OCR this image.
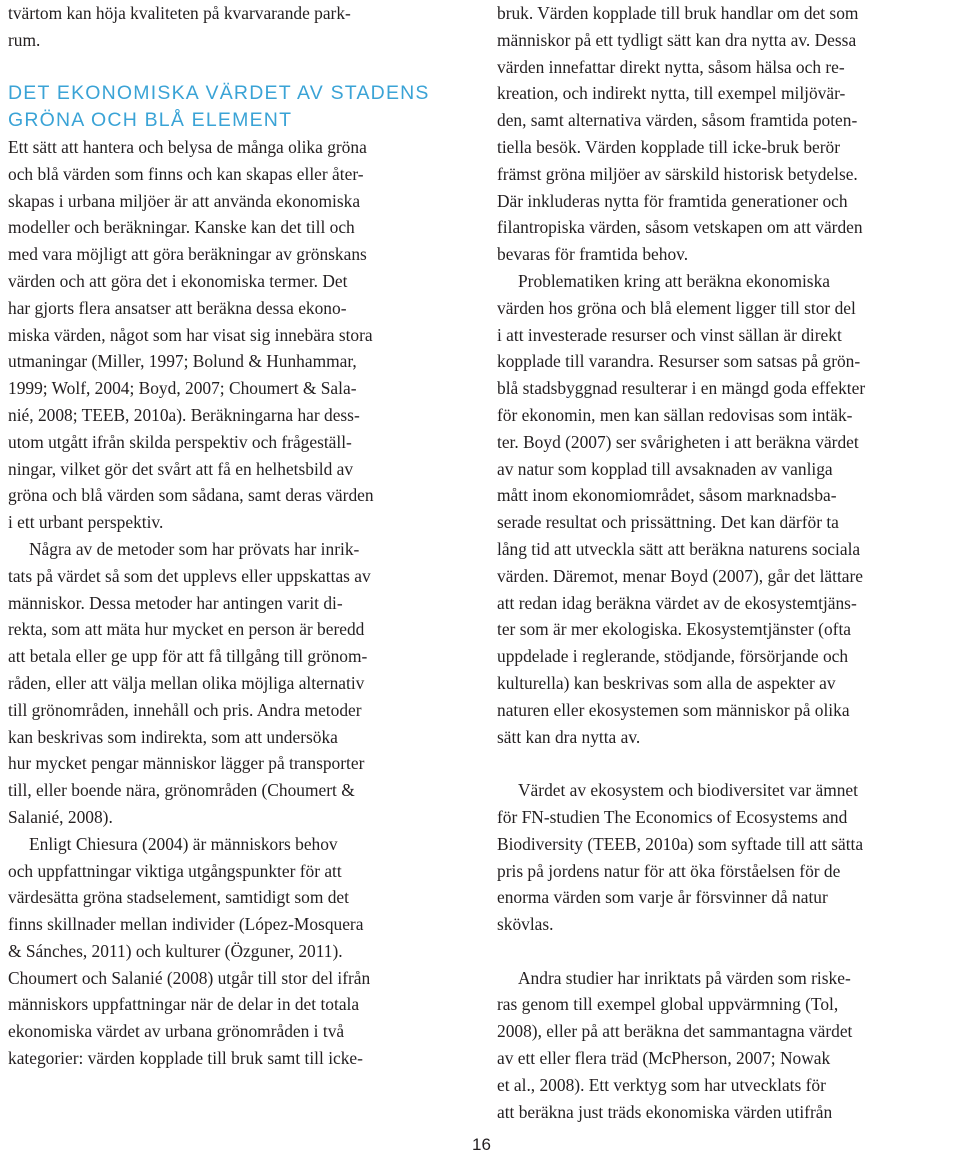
tvärtom kan höja kvaliteten på kvarvarande park-
rum.
DET EKONOMISKA VÄRDET AV STADENS
GRÖNA OCH BLÅ ELEMENT
Ett sätt att hantera och belysa de många olika gröna
och blå värden som finns och kan skapas eller åter-
skapas i urbana miljöer är att använda ekonomiska
modeller och beräkningar. Kanske kan det till och
med vara möjligt att göra beräkningar av grönskans
värden och att göra det i ekonomiska termer. Det
har gjorts flera ansatser att beräkna dessa ekono-
miska värden, något som har visat sig innebära stora
utmaningar (Miller, 1997; Bolund & Hunhammar,
1999; Wolf, 2004; Boyd, 2007; Choumert & Sala-
nié, 2008; TEEB, 2010a). Beräkningarna har dess-
utom utgått ifrån skilda perspektiv och frågeställ-
ningar, vilket gör det svårt att få en helhetsbild av
gröna och blå värden som sådana, samt deras värden
i ett urbant perspektiv.
Några av de metoder som har prövats har inrik-
tats på värdet så som det upplevs eller uppskattas av
människor. Dessa metoder har antingen varit di-
rekta, som att mäta hur mycket en person är beredd
att betala eller ge upp för att få tillgång till grönom-
råden, eller att välja mellan olika möjliga alternativ
till grönområden, innehåll och pris. Andra metoder
kan beskrivas som indirekta, som att undersöka
hur mycket pengar människor lägger på transporter
till, eller boende nära, grönområden (Choumert &
Salanié, 2008).
Enligt Chiesura (2004) är människors behov
och uppfattningar viktiga utgångspunkter för att
värdesätta gröna stadselement, samtidigt som det
finns skillnader mellan individer (López-Mosquera
& Sánches, 2011) och kulturer (Özguner, 2011).
Choumert och Salanié (2008) utgår till stor del ifrån
människors uppfattningar när de delar in det totala
ekonomiska värdet av urbana grönområden i två
kategorier: värden kopplade till bruk samt till icke-
bruk. Värden kopplade till bruk handlar om det som
människor på ett tydligt sätt kan dra nytta av. Dessa
värden innefattar direkt nytta, såsom hälsa och re-
kreation, och indirekt nytta, till exempel miljövär-
den, samt alternativa värden, såsom framtida poten-
tiella besök. Värden kopplade till icke-bruk berör
främst gröna miljöer av särskild historisk betydelse.
Där inkluderas nytta för framtida generationer och
filantropiska värden, såsom vetskapen om att värden
bevaras för framtida behov.
Problematiken kring att beräkna ekonomiska
värden hos gröna och blå element ligger till stor del
i att investerade resurser och vinst sällan är direkt
kopplade till varandra. Resurser som satsas på grön-
blå stadsbyggnad resulterar i en mängd goda effekter
för ekonomin, men kan sällan redovisas som intäk-
ter. Boyd (2007) ser svårigheten i att beräkna värdet
av natur som kopplad till avsaknaden av vanliga
mått inom ekonomiområdet, såsom marknadsba-
serade resultat och prissättning. Det kan därför ta
lång tid att utveckla sätt att beräkna naturens sociala
värden. Däremot, menar Boyd (2007), går det lättare
att redan idag beräkna värdet av de ekosystemtjäns-
ter som är mer ekologiska. Ekosystemtjänster (ofta
uppdelade i reglerande, stödjande, försörjande och
kulturella) kan beskrivas som alla de aspekter av
naturen eller ekosystemen som människor på olika
sätt kan dra nytta av.
Värdet av ekosystem och biodiversitet var ämnet
för FN-studien The Economics of Ecosystems and
Biodiversity (TEEB, 2010a) som syftade till att sätta
pris på jordens natur för att öka förståelsen för de
enorma värden som varje år försvinner då natur
skövlas.
Andra studier har inriktats på värden som riske-
ras genom till exempel global uppvärmning (Tol,
2008), eller på att beräkna det sammantagna värdet
av ett eller flera träd (McPherson, 2007; Nowak
et al., 2008). Ett verktyg som har utvecklats för
att beräkna just träds ekonomiska värden utifrån
16
